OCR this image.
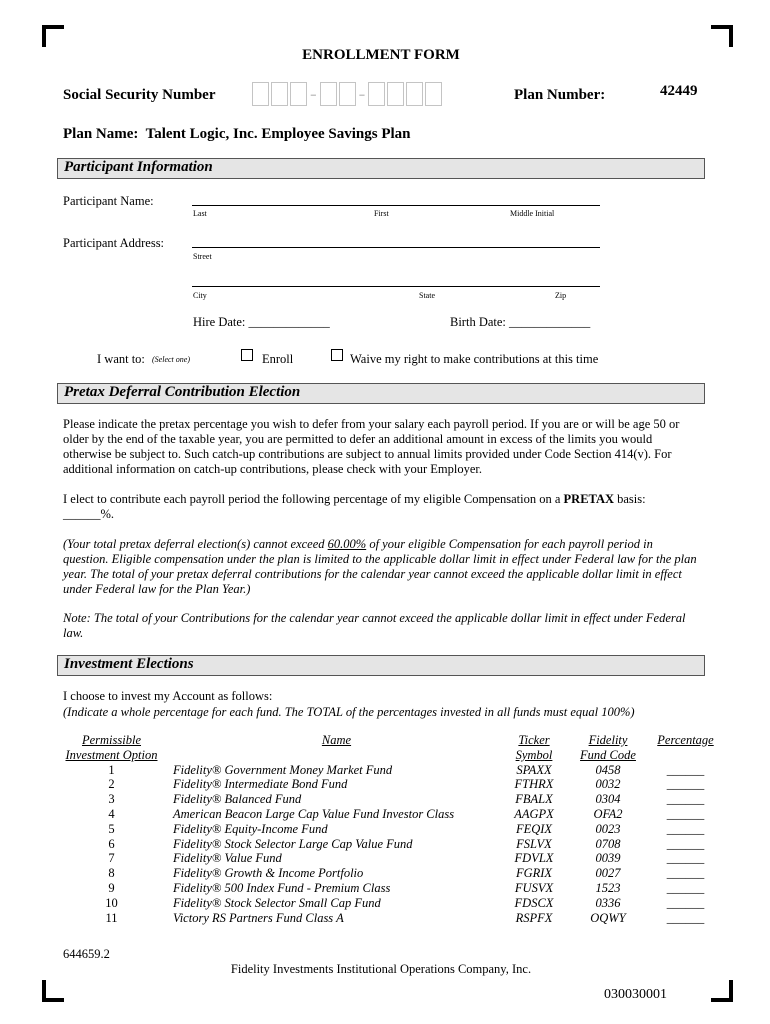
ENROLLMENT FORM
Social Security Number	- -	Plan Number:	42449
Plan Name:  Talent Logic, Inc. Employee Savings Plan
Participant Information
Participant Name:
Last	First	Middle Initial
Participant Address:
Street
City	State	Zip
Hire Date: _____________	Birth Date: _____________
I want to: (Select one)	Enroll	Waive my right to make contributions at this time
Pretax Deferral Contribution Election
Please indicate the pretax percentage you wish to defer from your salary each payroll period. If you are or will be age 50 or older by the end of the taxable year, you are permitted to defer an additional amount in excess of the limits you would otherwise be subject to. Such catch-up contributions are subject to annual limits provided under Code Section 414(v). For additional information on catch-up contributions, please check with your Employer.
I elect to contribute each payroll period the following percentage of my eligible Compensation on a PRETAX basis:
______%.
(Your total pretax deferral election(s) cannot exceed 60.00% of your eligible Compensation for each payroll period in question. Eligible compensation under the plan is limited to the applicable dollar limit in effect under Federal law for the plan year. The total of your pretax deferral contributions for the calendar year cannot exceed the applicable dollar limit in effect under Federal law for the Plan Year.)
Note: The total of your Contributions for the calendar year cannot exceed the applicable dollar limit in effect under Federal law.
Investment Elections
I choose to invest my Account as follows:
(Indicate a whole percentage for each fund. The TOTAL of the percentages invested in all funds must equal 100%)
Permissible	Name	Ticker	Fidelity	Percentage
Investment Option		Symbol	Fund Code	
1	Fidelity® Government Money Market Fund	SPAXX	0458	______
2	Fidelity® Intermediate Bond Fund	FTHRX	0032	______
3	Fidelity® Balanced Fund	FBALX	0304	______
4	American Beacon Large Cap Value Fund Investor Class	AAGPX	OFA2	______
5	Fidelity® Equity-Income Fund	FEQIX	0023	______
6	Fidelity® Stock Selector Large Cap Value Fund	FSLVX	0708	______
7	Fidelity® Value Fund	FDVLX	0039	______
8	Fidelity® Growth & Income Portfolio	FGRIX	0027	______
9	Fidelity® 500 Index Fund - Premium Class	FUSVX	1523	______
10	Fidelity® Stock Selector Small Cap Fund	FDSCX	0336	______
11	Victory RS Partners Fund Class A	RSPFX	OQWY	______
644659.2
Fidelity Investments Institutional Operations Company, Inc.
030030001
